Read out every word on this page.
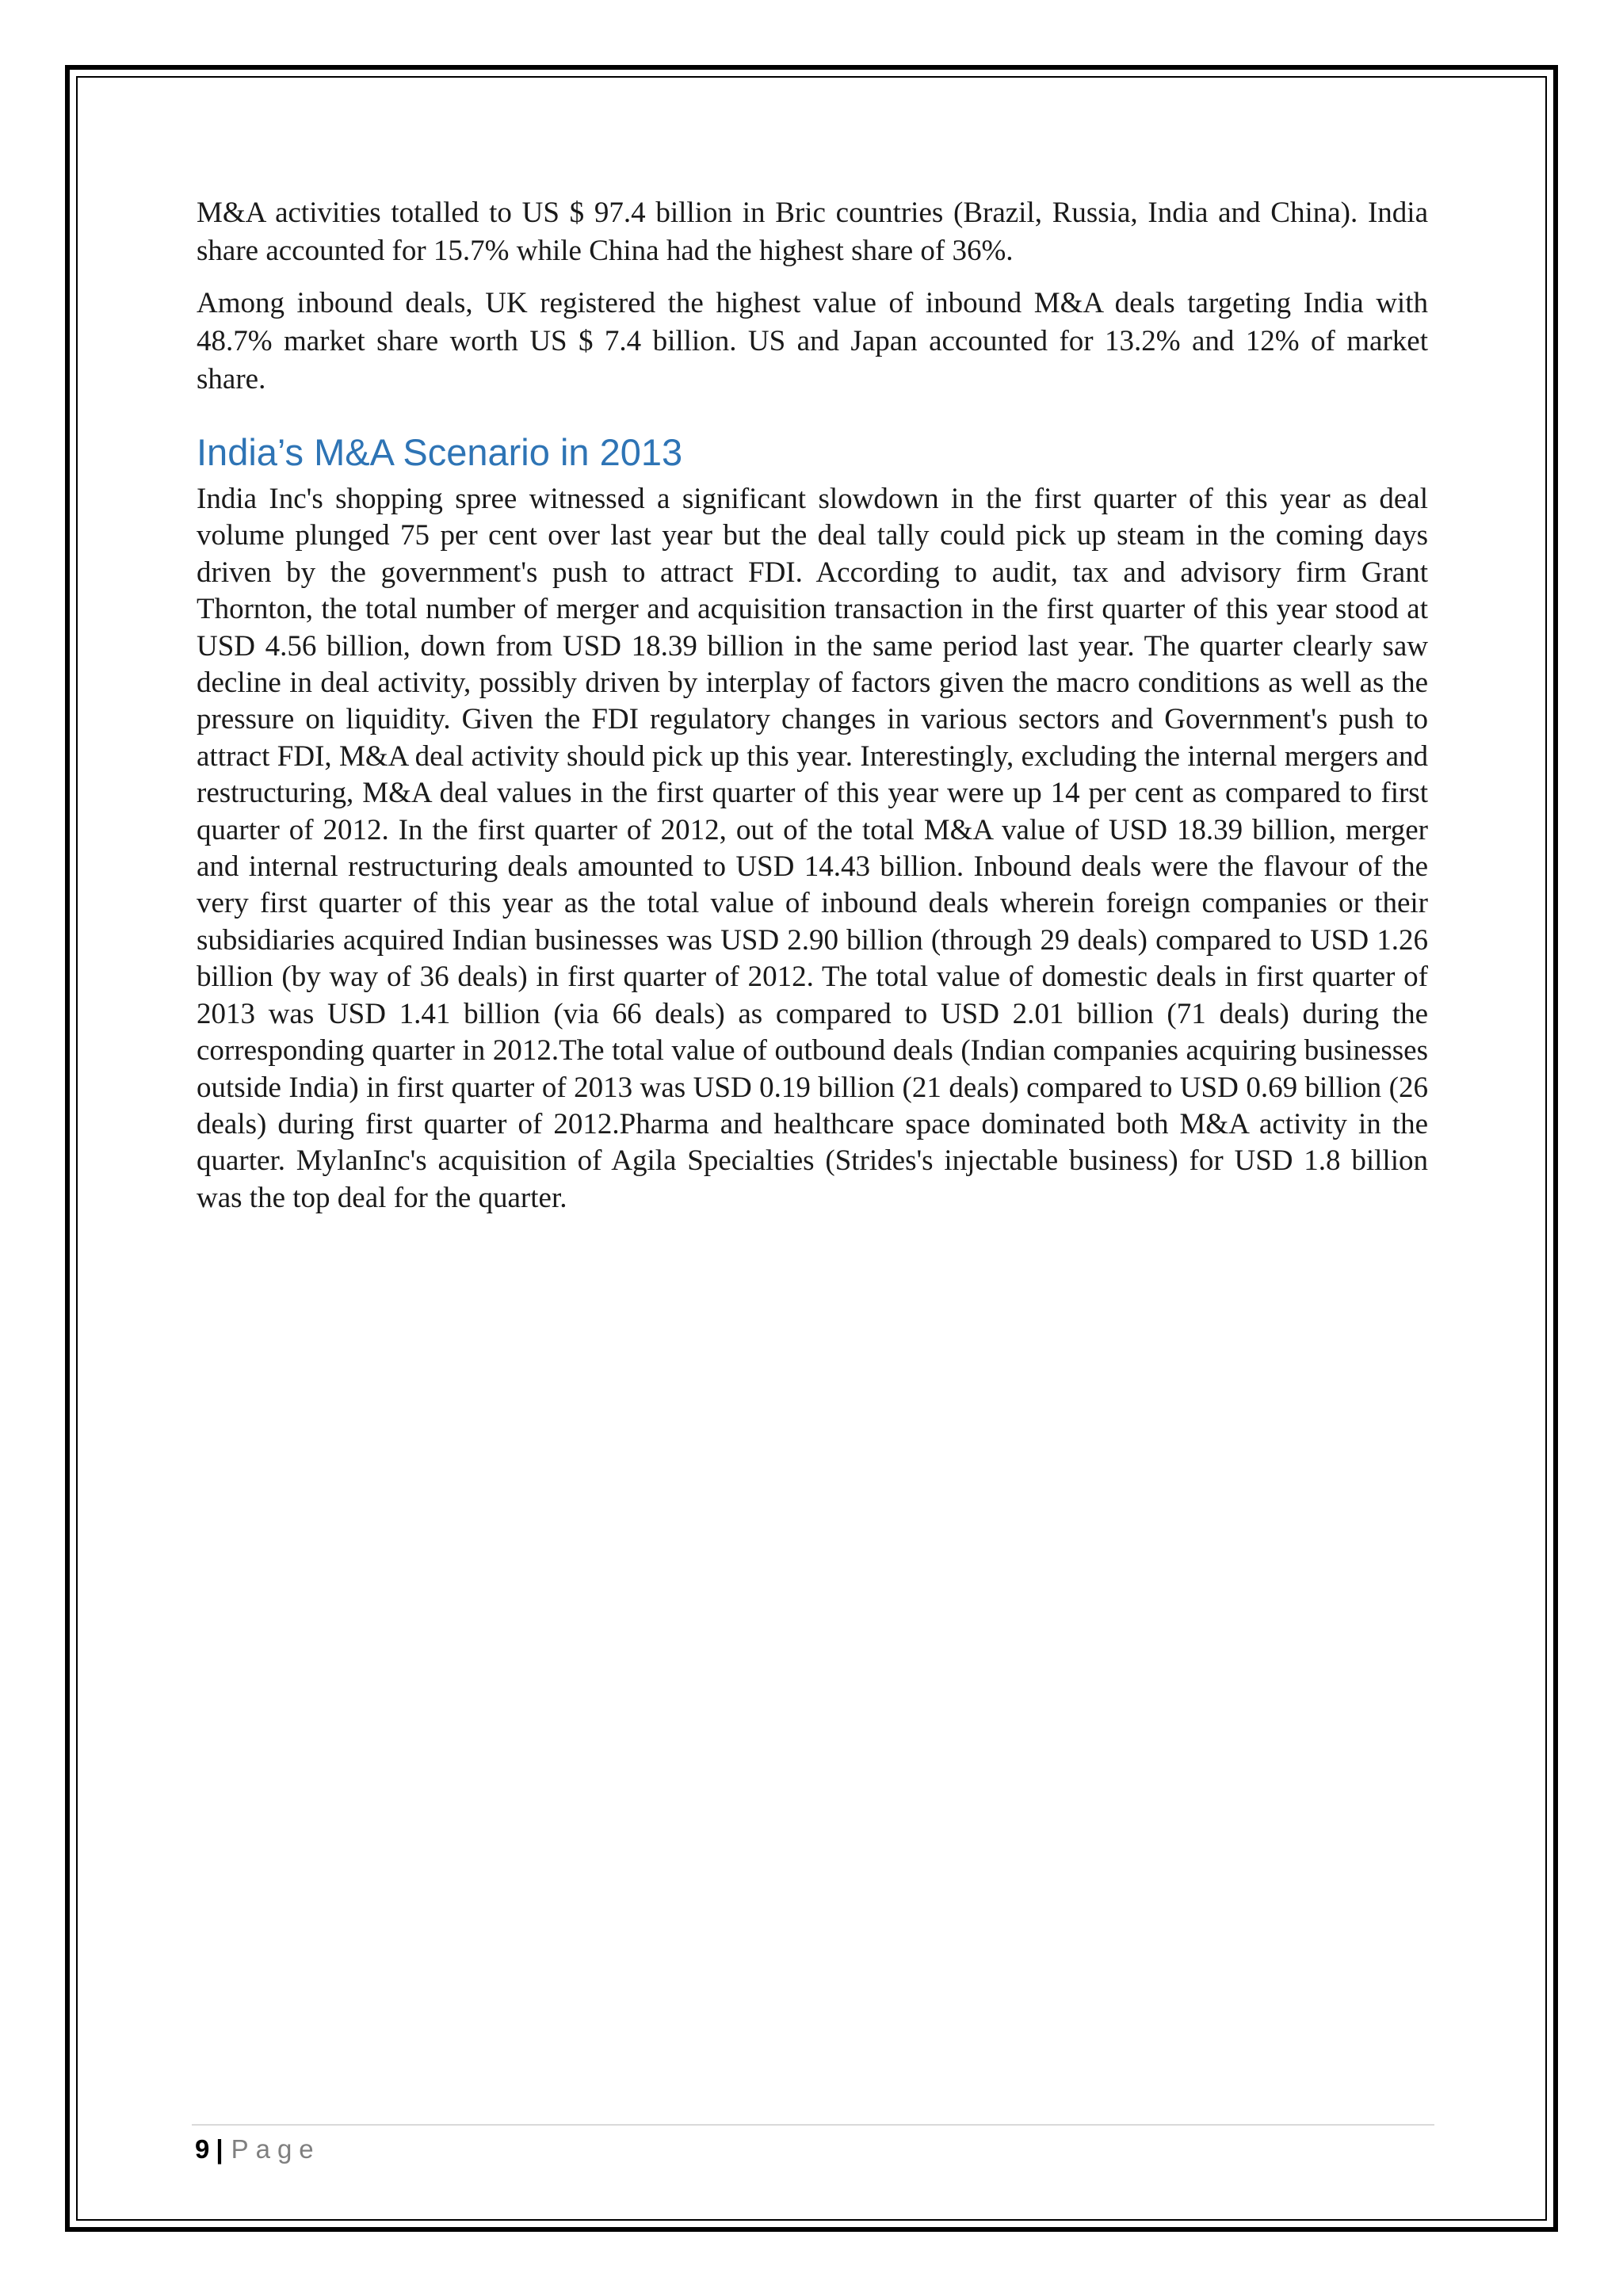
M&A activities totalled to US $ 97.4 billion in Bric countries (Brazil, Russia, India and China). India share accounted for 15.7% while China had the highest share of 36%.

Among inbound deals, UK registered the highest value of inbound M&A deals targeting India with 48.7% market share worth US $ 7.4 billion. US and Japan accounted for 13.2% and 12% of market share.

India’s M&A Scenario in 2013

India Inc's shopping spree witnessed a significant slowdown in the first quarter of this year as deal volume plunged 75 per cent over last year but the deal tally could pick up steam in the coming days driven by the government's push to attract FDI. According to audit, tax and advisory firm Grant Thornton, the total number of merger and acquisition transaction in the first quarter of this year stood at USD 4.56 billion, down from USD 18.39 billion in the same period last year. The quarter clearly saw decline in deal activity, possibly driven by interplay of factors given the macro conditions as well as the pressure on liquidity. Given the FDI regulatory changes in various sectors and Government's push to attract FDI, M&A deal activity should pick up this year. Interestingly, excluding the internal mergers and restructuring, M&A deal values in the first quarter of this year were up 14 per cent as compared to first quarter of 2012. In the first quarter of 2012, out of the total M&A value of USD 18.39 billion, merger and internal restructuring deals amounted to USD 14.43 billion. Inbound deals were the flavour of the very first quarter of this year as the total value of inbound deals wherein foreign companies or their subsidiaries acquired Indian businesses was USD 2.90 billion (through 29 deals) compared to USD 1.26 billion (by way of 36 deals) in first quarter of 2012. The total value of domestic deals in first quarter of 2013 was USD 1.41 billion (via 66 deals) as compared to USD 2.01 billion (71 deals) during the corresponding quarter in 2012.The total value of outbound deals (Indian companies acquiring businesses outside India) in first quarter of 2013 was USD 0.19 billion (21 deals) compared to USD 0.69 billion (26 deals) during first quarter of 2012.Pharma and healthcare space dominated both M&A activity in the quarter. MylanInc's acquisition of Agila Specialties (Strides's injectable business) for USD 1.8 billion was the top deal for the quarter.

9 | Page
